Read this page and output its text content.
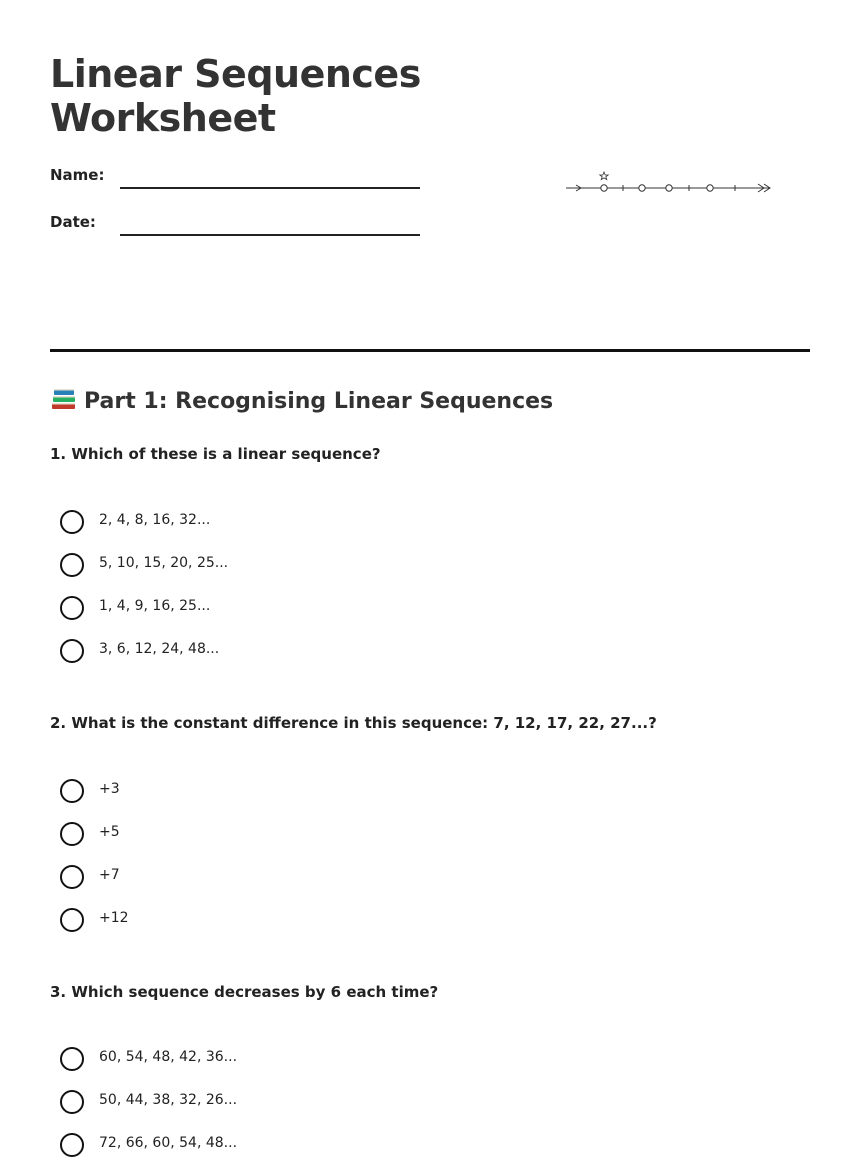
Linear Sequences
Worksheet
Name:
Date:
Part 1: Recognising Linear Sequences
1. Which of these is a linear sequence?
2, 4, 8, 16, 32...
5, 10, 15, 20, 25...
1, 4, 9, 16, 25...
3, 6, 12, 24, 48...
2. What is the constant difference in this sequence: 7, 12, 17, 22, 27...?
+3
+5
+7
+12
3. Which sequence decreases by 6 each time?
60, 54, 48, 42, 36...
50, 44, 38, 32, 26...
72, 66, 60, 54, 48...
